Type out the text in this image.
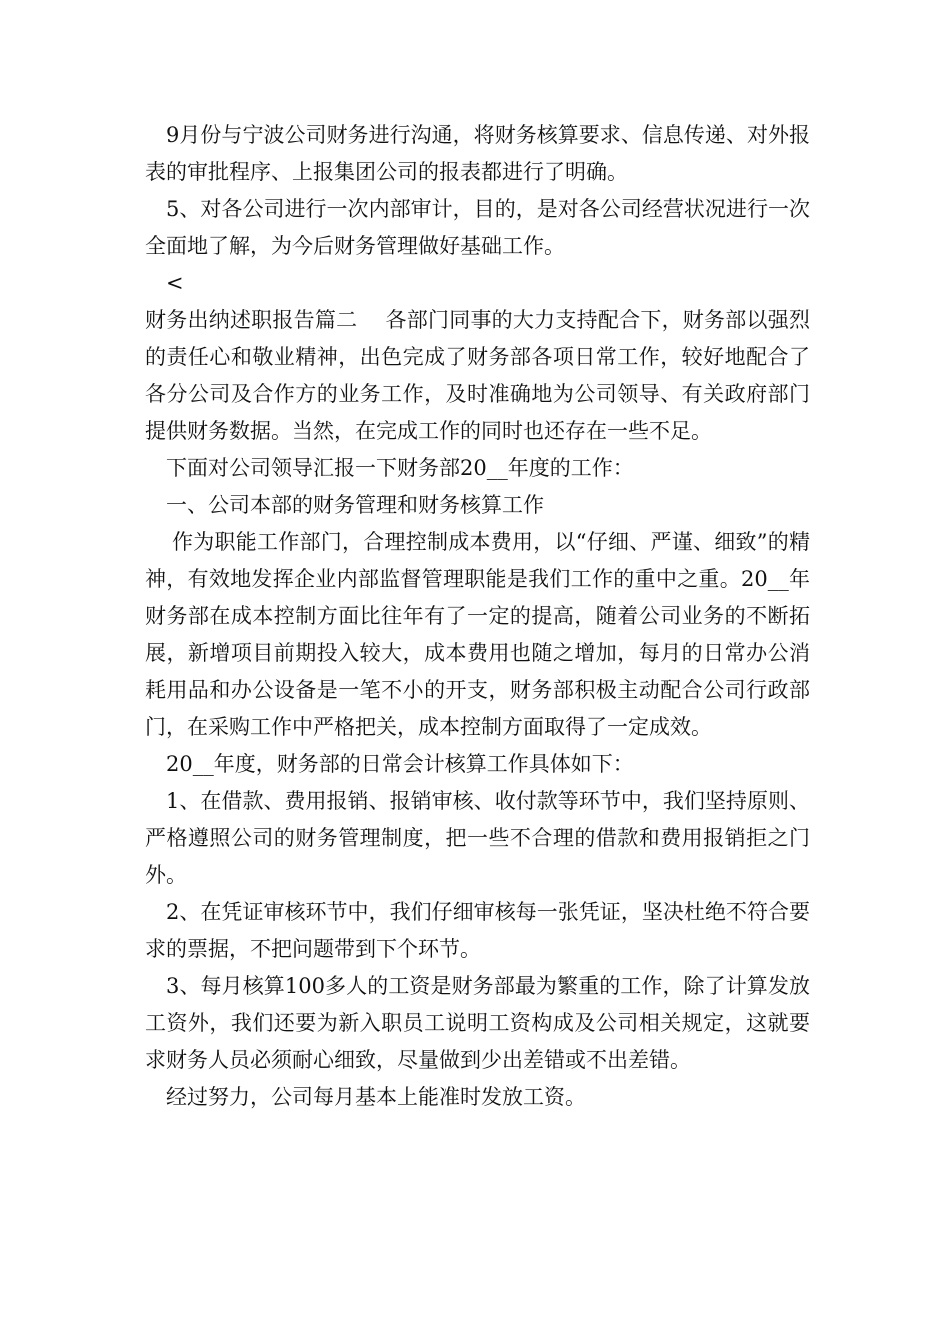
9月份与宁波公司财务进行沟通，将财务核算要求、信息传递、对外报表的审批程序、上报集团公司的报表都进行了明确。

5、对各公司进行一次内部审计，目的，是对各公司经营状况进行一次全面地了解，为今后财务管理做好基础工作。

<

财务出纳述职报告篇二　 各部门同事的大力支持配合下，财务部以强烈的责任心和敬业精神，出色完成了财务部各项日常工作，较好地配合了各分公司及合作方的业务工作，及时准确地为公司领导、有关政府部门提供财务数据。当然，在完成工作的同时也还存在一些不足。

下面对公司领导汇报一下财务部20__年度的工作：

一、公司本部的财务管理和财务核算工作

作为职能工作部门，合理控制成本费用，以“仔细、严谨、细致”的精神，有效地发挥企业内部监督管理职能是我们工作的重中之重。20__年财务部在成本控制方面比往年有了一定的提高，随着公司业务的不断拓展，新增项目前期投入较大，成本费用也随之增加，每月的日常办公消耗用品和办公设备是一笔不小的开支，财务部积极主动配合公司行政部门，在采购工作中严格把关，成本控制方面取得了一定成效。

20__年度，财务部的日常会计核算工作具体如下：

1、在借款、费用报销、报销审核、收付款等环节中，我们坚持原则、严格遵照公司的财务管理制度，把一些不合理的借款和费用报销拒之门外。

2、在凭证审核环节中，我们仔细审核每一张凭证，坚决杜绝不符合要求的票据，不把问题带到下个环节。

3、每月核算100多人的工资是财务部最为繁重的工作，除了计算发放工资外，我们还要为新入职员工说明工资构成及公司相关规定，这就要求财务人员必须耐心细致，尽量做到少出差错或不出差错。

经过努力，公司每月基本上能准时发放工资。
